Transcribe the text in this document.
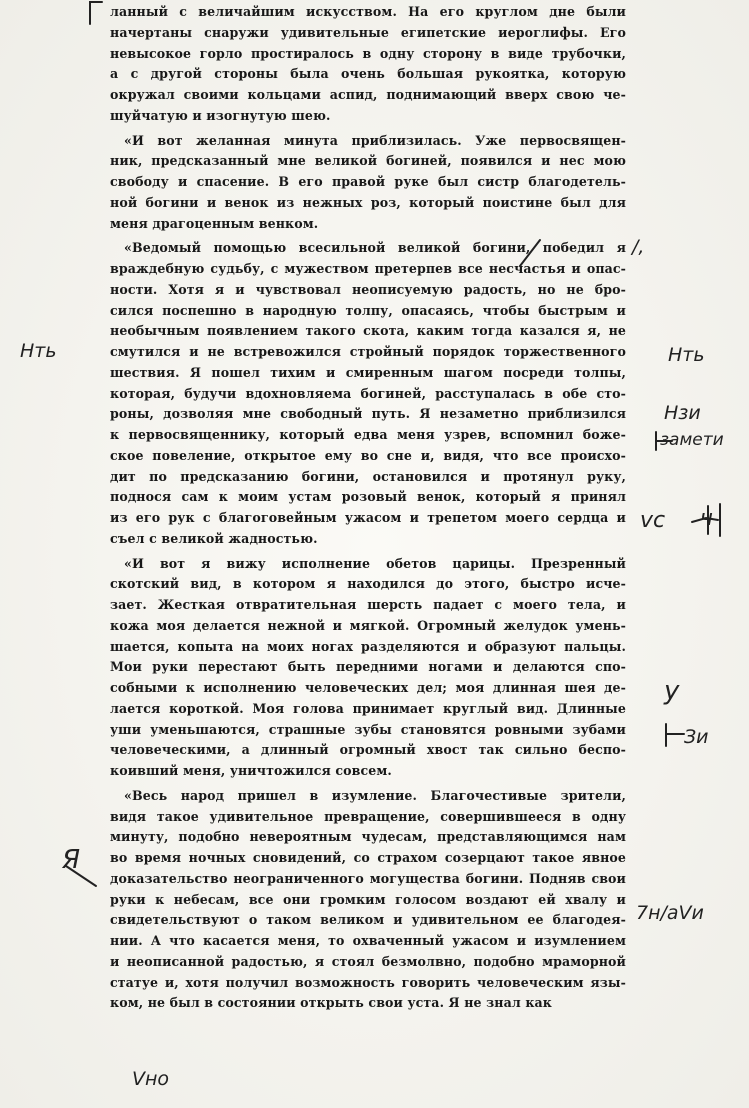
ланный с величайшим искусством. На его круглом дне были
начертаны снаружи удивительные египетские иероглифы. Его
невысокое горло простиралось в одну сторону в виде трубочки,
а с другой стороны была очень большая рукоятка, которую
окружал своими кольцами аспид, поднимающий вверх свою че-
шуйчатую и изогнутую шею.

«И вот желанная минута приблизилась. Уже первосвящен-
ник, предсказанный мне великой богиней, появился и нес мою
свободу и спасение. В его правой руке был систр благодетель-
ной богини и венок из нежных роз, который поистине был для
меня драгоценным венком.

«Ведомый помощью всесильной великой богини, победил я
враждебную судьбу, с мужеством претерпев все несчастья и опас-
ности. Хотя я и чувствовал неописуемую радость, но не бро-
сился поспешно в народную толпу, опасаясь, чтобы быстрым и
необычным появлением такого скота, каким тогда казался я, не
смутился и не встревожился стройный порядок торжественного
шествия. Я пошел тихим и смиренным шагом посреди толпы,
которая, будучи вдохновляема богиней, расступалась в обе сто-
роны, дозволяя мне свободный путь. Я незаметно приблизился
к первосвященнику, который едва меня узрев, вспомнил боже-
ское повеление, открытое ему во сне и, видя, что все происхо-
дит по предсказанию богини, остановился и протянул руку,
поднося сам к моим устам розовый венок, который я принял
из его рук с благоговейным ужасом и трепетом моего сердца и
съел с великой жадностью.

«И вот я вижу исполнение обетов царицы. Презренный
скотский вид, в котором я находился до этого, быстро исче-
зает. Жесткая отвратительная шерсть падает с моего тела, и
кожа моя делается нежной и мягкой. Огромный желудок умень-
шается, копыта на моих ногах разделяются и образуют пальцы.
Мои руки перестают быть передними ногами и делаются спо-
собными к исполнению человеческих дел; моя длинная шея де-
лается короткой. Моя голова принимает круглый вид. Длинные
уши уменьшаются, страшные зубы становятся ровными зубами
человеческими, а длинный огромный хвост так сильно беспо-
коивший меня, уничтожился совсем.

«Весь народ пришел в изумление. Благочестивые зрители,
видя такое удивительное превращение, совершившееся в одну
минуту, подобно невероятным чудесам, представляющимся нам
во время ночных сновидений, со страхом созерцают такое явное
доказательство неограниченного могущества богини. Подняв свои
руки к небесам, все они громким голосом воздают ей хвалу и
свидетельствуют о таком великом и удивительном ее благодея-
нии. А что касается меня, то охваченный ужасом и изумлением
и неописанной радостью, я стоял безмолвно, подобно мраморной
статуе и, хотя получил возможность говорить человеческим язы-
ком, не был в состоянии открыть свои уста. Я не знал как

Нть
Я
/,
Нть
Нзи
замети
vc ч
у
Зи
7н/аVи
Vно
